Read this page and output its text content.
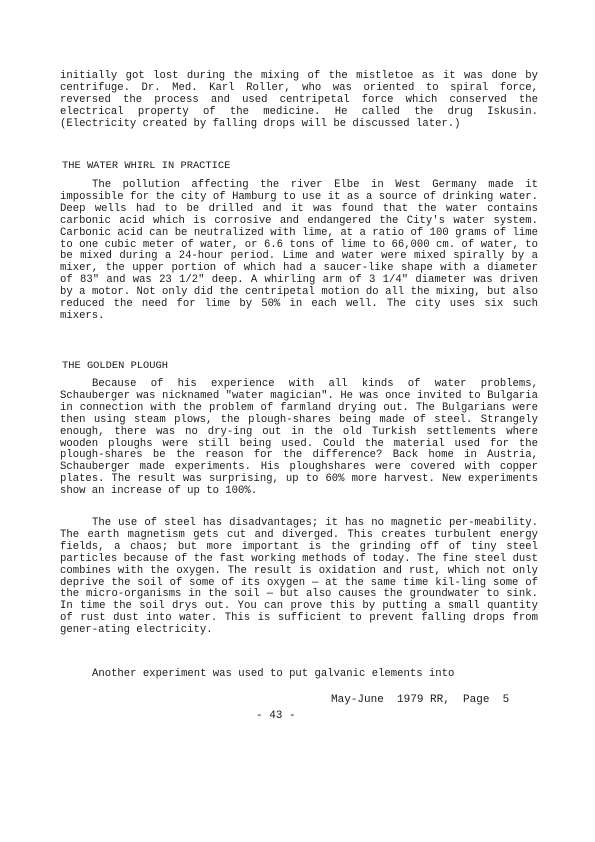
initially got lost during the mixing of the mistletoe as it was done by centrifuge. Dr. Med. Karl Roller, who was oriented to spiral force, reversed the process and used centripetal force which conserved the electrical property of the medicine. He called the drug Iskusin. (Electricity created by falling drops will be discussed later.)

THE WATER WHIRL IN PRACTICE

The pollution affecting the river Elbe in West Germany made it impossible for the city of Hamburg to use it as a source of drinking water. Deep wells had to be drilled and it was found that the water contains carbonic acid which is corrosive and endangered the City's water system. Carbonic acid can be neutralized with lime, at a ratio of 100 grams of lime to one cubic meter of water, or 6.6 tons of lime to 66,000 cm. of water, to be mixed during a 24-hour period. Lime and water were mixed spirally by a mixer, the upper portion of which had a saucer-like shape with a diameter of 83" and was 23 1/2" deep. A whirling arm of 3 1/4" diameter was driven by a motor. Not only did the centripetal motion do all the mixing, but also reduced the need for lime by 50% in each well. The city uses six such mixers.

THE GOLDEN PLOUGH

Because of his experience with all kinds of water problems, Schauberger was nicknamed "water magician". He was once invited to Bulgaria in connection with the problem of farmland drying out. The Bulgarians were then using steam plows, the plough-shares being made of steel. Strangely enough, there was no dry-ing out in the old Turkish settlements where wooden ploughs were still being used. Could the material used for the plough-shares be the reason for the difference? Back home in Austria, Schauberger made experiments. His ploughshares were covered with copper plates. The result was surprising, up to 60% more harvest. New experiments show an increase of up to 100%.

The use of steel has disadvantages; it has no magnetic per-meability. The earth magnetism gets cut and diverged. This creates turbulent energy fields, a chaos; but more important is the grinding off of tiny steel particles because of the fast working methods of today. The fine steel dust combines with the oxygen. The result is oxidation and rust, which not only deprive the soil of some of its oxygen — at the same time kil-ling some of the micro-organisms in the soil — but also causes the groundwater to sink. In time the soil drys out. You can prove this by putting a small quantity of rust dust into water. This is sufficient to prevent falling drops from gener-ating electricity.

Another experiment was used to put galvanic elements into

May-June  1979 RR,  Page  5
- 43 -
